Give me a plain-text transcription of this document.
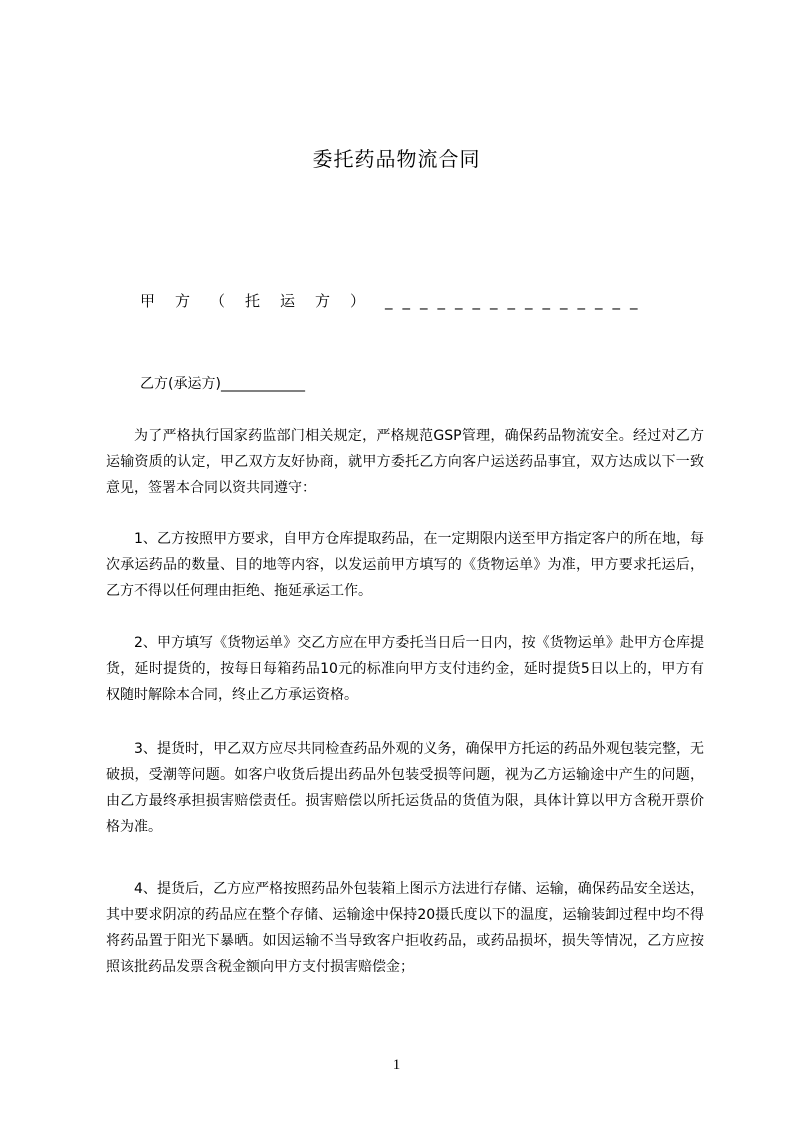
委托药品物流合同
甲方（托运方）_______________
乙方(承运方)____________

为了严格执行国家药监部门相关规定，严格规范GSP管理，确保药品物流安全。经过对乙方运输资质的认定，甲乙双方友好协商，就甲方委托乙方向客户运送药品事宜，双方达成以下一致意见，签署本合同以资共同遵守：

1、乙方按照甲方要求，自甲方仓库提取药品，在一定期限内送至甲方指定客户的所在地，每次承运药品的数量、目的地等内容，以发运前甲方填写的《货物运单》为准，甲方要求托运后，乙方不得以任何理由拒绝、拖延承运工作。

2、甲方填写《货物运单》交乙方应在甲方委托当日后一日内，按《货物运单》赴甲方仓库提货，延时提货的，按每日每箱药品10元的标准向甲方支付违约金，延时提货5日以上的，甲方有权随时解除本合同，终止乙方承运资格。

3、提货时，甲乙双方应尽共同检查药品外观的义务，确保甲方托运的药品外观包装完整，无破损，受潮等问题。如客户收货后提出药品外包装受损等问题，视为乙方运输途中产生的问题，由乙方最终承担损害赔偿责任。损害赔偿以所托运货品的货值为限，具体计算以甲方含税开票价格为准。

4、提货后，乙方应严格按照药品外包装箱上图示方法进行存储、运输，确保药品安全送达，其中要求阴凉的药品应在整个存储、运输途中保持20摄氏度以下的温度，运输装卸过程中均不得将药品置于阳光下暴晒。如因运输不当导致客户拒收药品，或药品损坏，损失等情况，乙方应按照该批药品发票含税金额向甲方支付损害赔偿金；

1
